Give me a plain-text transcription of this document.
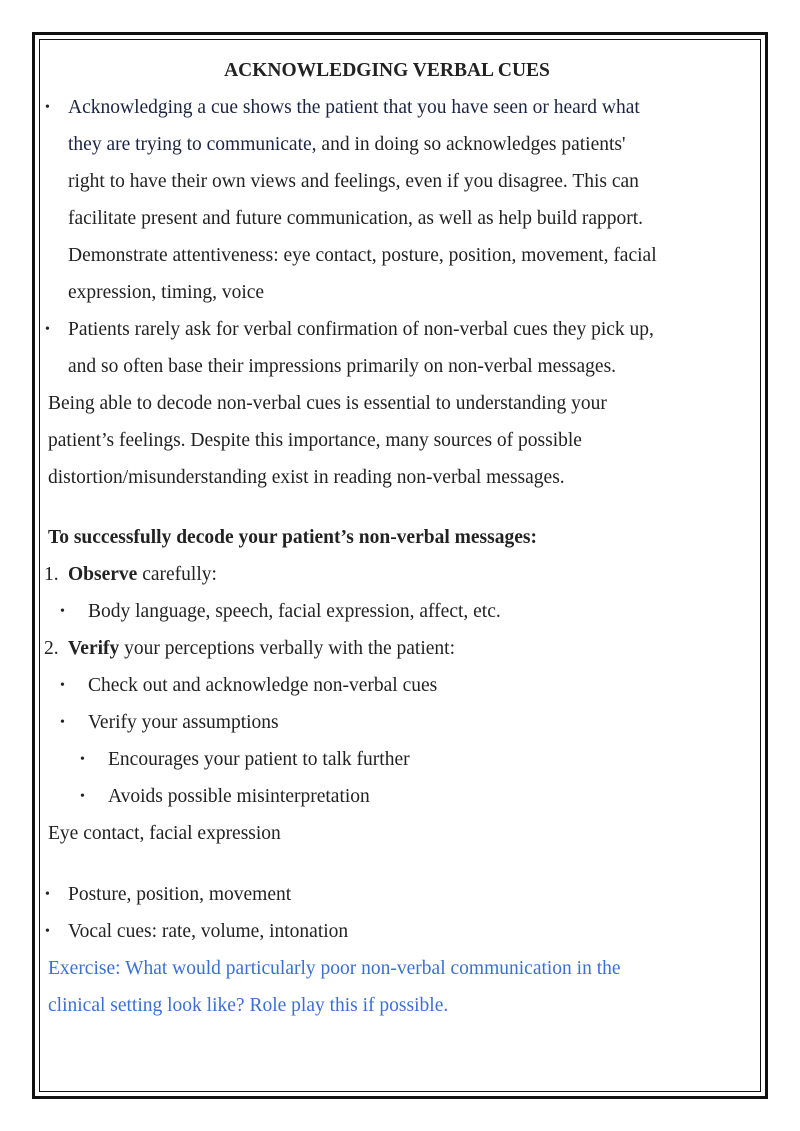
ACKNOWLEDGING VERBAL CUES

• Acknowledging a cue shows the patient that you have seen or heard what
they are trying to communicate, and in doing so acknowledges patients'
right to have their own views and feelings, even if you disagree. This can
facilitate present and future communication, as well as help build rapport.
Demonstrate attentiveness: eye contact, posture, position, movement, facial
expression, timing, voice
• Patients rarely ask for verbal confirmation of non-verbal cues they pick up,
and so often base their impressions primarily on non-verbal messages.
Being able to decode non-verbal cues is essential to understanding your
patient’s feelings. Despite this importance, many sources of possible
distortion/misunderstanding exist in reading non-verbal messages.
To successfully decode your patient’s non-verbal messages:
1. Observe carefully:
• Body language, speech, facial expression, affect, etc.
2. Verify your perceptions verbally with the patient:
• Check out and acknowledge non-verbal cues
• Verify your assumptions
• Encourages your patient to talk further
• Avoids possible misinterpretation
Eye contact, facial expression
• Posture, position, movement
• Vocal cues: rate, volume, intonation
Exercise: What would particularly poor non-verbal communication in the
clinical setting look like? Role play this if possible.
